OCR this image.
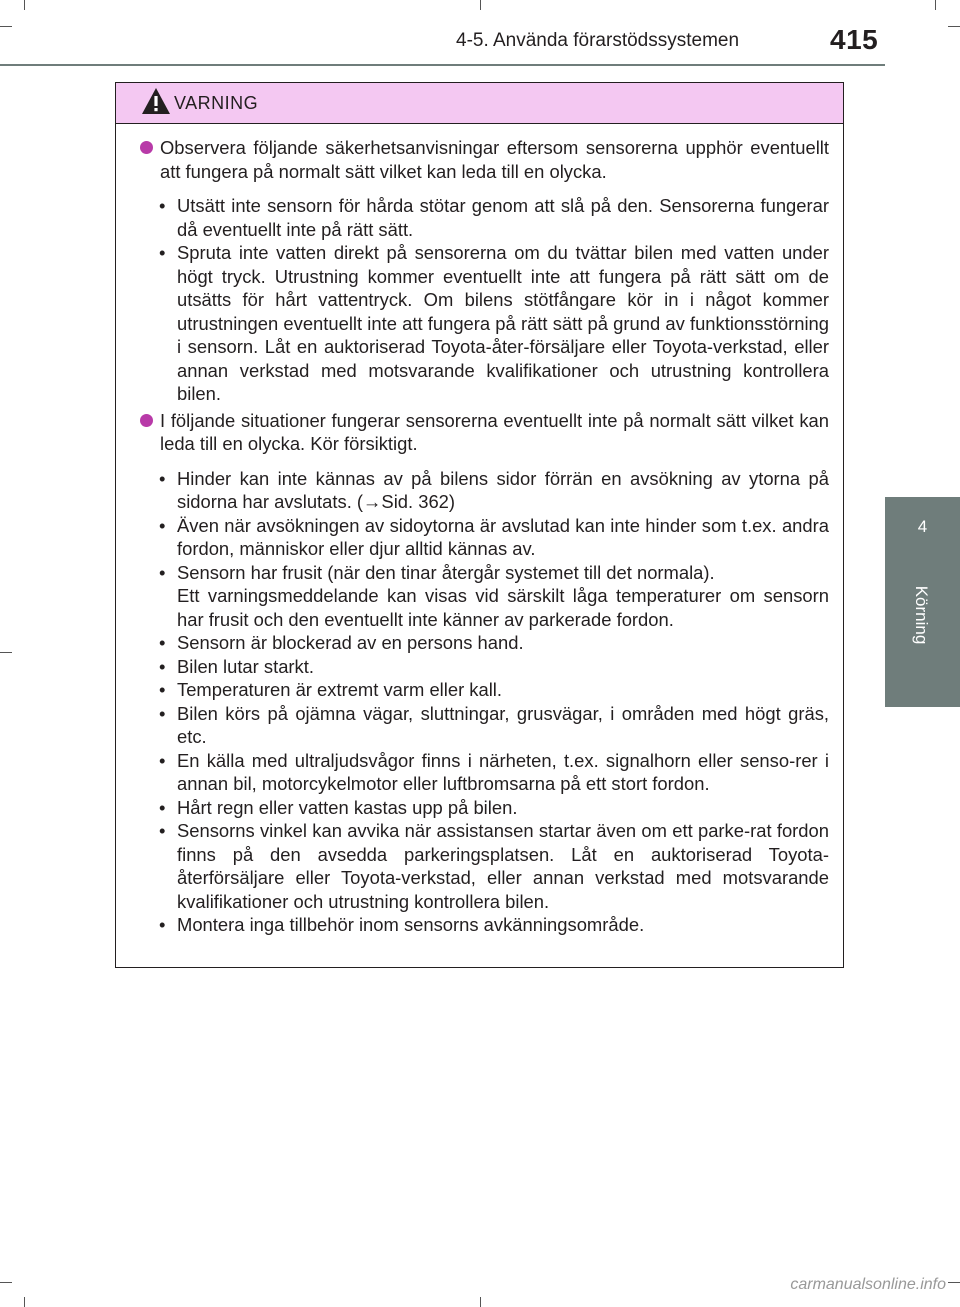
4-5. Använda förarstödssystemen	415
4
Körning
VARNING
Observera följande säkerhetsanvisningar eftersom sensorerna upphör eventuellt att fungera på normalt sätt vilket kan leda till en olycka.
• Utsätt inte sensorn för hårda stötar genom att slå på den. Sensorerna fungerar då eventuellt inte på rätt sätt.
• Spruta inte vatten direkt på sensorerna om du tvättar bilen med vatten under högt tryck. Utrustning kommer eventuellt inte att fungera på rätt sätt om de utsätts för hårt vattentryck. Om bilens stötfångare kör in i något kommer utrustningen eventuellt inte att fungera på rätt sätt på grund av funktionsstörning i sensorn. Låt en auktoriserad Toyota-åter-försäljare eller Toyota-verkstad, eller annan verkstad med motsvarande kvalifikationer och utrustning kontrollera bilen.
I följande situationer fungerar sensorerna eventuellt inte på normalt sätt vilket kan leda till en olycka. Kör försiktigt.
• Hinder kan inte kännas av på bilens sidor förrän en avsökning av ytorna på sidorna har avslutats. (→Sid. 362)
• Även när avsökningen av sidoytorna är avslutad kan inte hinder som t.ex. andra fordon, människor eller djur alltid kännas av.
• Sensorn har frusit (när den tinar återgår systemet till det normala).
Ett varningsmeddelande kan visas vid särskilt låga temperaturer om sensorn har frusit och den eventuellt inte känner av parkerade fordon.
• Sensorn är blockerad av en persons hand.
• Bilen lutar starkt.
• Temperaturen är extremt varm eller kall.
• Bilen körs på ojämna vägar, sluttningar, grusvägar, i områden med högt gräs, etc.
• En källa med ultraljudsvågor finns i närheten, t.ex. signalhorn eller senso-rer i annan bil, motorcykelmotor eller luftbromsarna på ett stort fordon.
• Hårt regn eller vatten kastas upp på bilen.
• Sensorns vinkel kan avvika när assistansen startar även om ett parke-rat fordon finns på den avsedda parkeringsplatsen. Låt en auktoriserad Toyota-återförsäljare eller Toyota-verkstad, eller annan verkstad med motsvarande kvalifikationer och utrustning kontrollera bilen.
• Montera inga tillbehör inom sensorns avkänningsområde.
carmanualsonline.info
